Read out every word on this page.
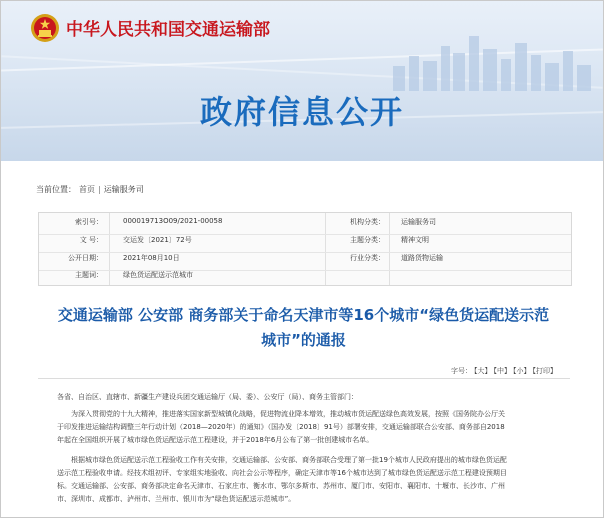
中华人民共和国交通运输部
政府信息公开
当前位置： 首页 | 运输服务司
索引号：	000019713O09/2021-00058	机构分类： 运输服务司
文 号：	交运发〔2021〕72号	主题分类： 精神文明
公开日期：	2021年08月10日	行业分类： 道路货物运输
主题词：	绿色货运配送示范城市
交通运输部 公安部 商务部关于命名天津市等16个城市“绿色货运配送示范
城市”的通报
字号： 【大】 【中】 【小】 【打印】
各省、自治区、直辖市、新疆生产建设兵团交通运输厅（局、委）、公安厅（局）、商务主管部门：
为深入贯彻党的十九大精神，推进落实国家新型城镇化战略，促进物流业降本增效，推动城市货运配送绿色高效发展，按照《国务院办公厅关
于印发推进运输结构调整三年行动计划（2018—2020年）的通知》（国办发〔2018〕91号）部署安排，交通运输部联合公安部、商务部自2018
年起在全国组织开展了城市绿色货运配送示范工程建设，并于2018年6月公布了第一批创建城市名单。
根据城市绿色货运配送示范工程验收工作有关安排，交通运输部、公安部、商务部联合受理了第一批19个城市人民政府提出的城市绿色货运配
送示范工程验收申请。经技术组初评、专家组实地验收、向社会公示等程序，确定天津市等16个城市达到了城市绿色货运配送示范工程建设预期目
标。交通运输部、公安部、商务部决定命名天津市、石家庄市、衡水市、鄂尔多斯市、苏州市、厦门市、安阳市、襄阳市、十堰市、长沙市、广州
市、深圳市、成都市、泸州市、兰州市、银川市为“绿色货运配送示范城市”。
